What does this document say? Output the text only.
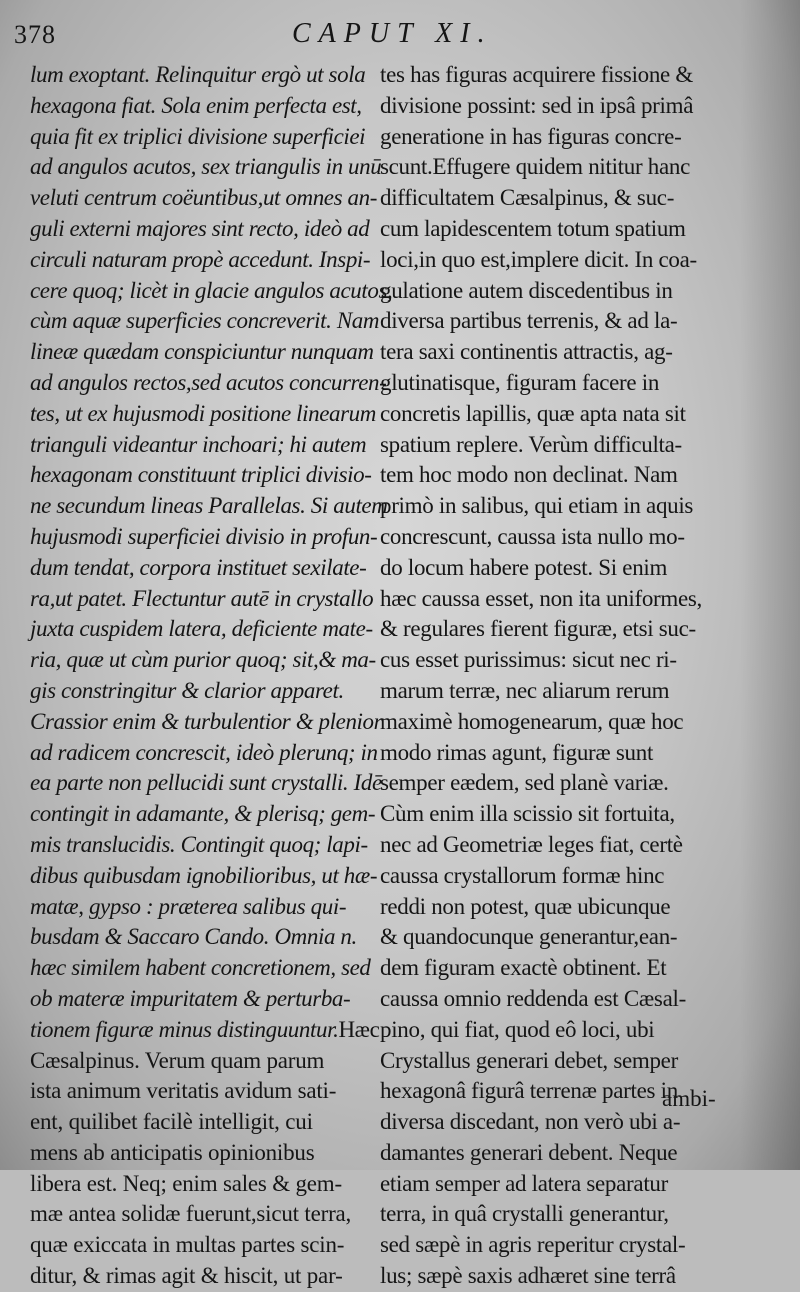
378	CAPUT XI.
lum exoptant. Relinquitur ergò ut sola
hexagona fiat. Sola enim perfecta est,
quia fit ex triplici divisione superficiei
ad angulos acutos, sex triangulis in unū
veluti centrum coëuntibus,ut omnes an-
guli externi majores sint recto, ideò ad
circuli naturam propè accedunt. Inspi-
cere quoq; licèt in glacie angulos acutos,
cùm aquæ superficies concreverit. Nam
lineæ quædam conspiciuntur nunquam
ad angulos rectos,sed acutos concurren-
tes, ut ex hujusmodi positione linearum
trianguli videantur inchoari; hi autem
hexagonam constituunt triplici divisio-
ne secundum lineas Parallelas. Si autem
hujusmodi superficiei divisio in profun-
dum tendat, corpora instituet sexilate-
ra,ut patet. Flectuntur autē in crystallo
juxta cuspidem latera, deficiente mate-
ria, quæ ut cùm purior quoq; sit,& ma-
gis constringitur & clarior apparet.
Crassior enim & turbulentior & plenior
ad radicem concrescit, ideò plerunq; in
ea parte non pellucidi sunt crystalli. Idē
contingit in adamante, & plerisq; gem-
mis translucidis. Contingit quoq; lapi-
dibus quibusdam ignobilioribus, ut hæ-
matæ, gypso : præterea salibus qui-
busdam & Saccaro Cando. Omnia n.
hæc similem habent concretionem, sed
ob materæ impuritatem & perturba-
tionem figuræ minus distinguuntur.Hæc
Cæsalpinus. Verum quam parum
ista animum veritatis avidum sati-
ent, quilibet facilè intelligit, cui
mens ab anticipatis opinionibus
libera est. Neq; enim sales & gem-
mæ antea solidæ fuerunt,sicut terra,
quæ exiccata in multas partes scin-
ditur, & rimas agit & hiscit, ut par-
tes has figuras acquirere fissione &
divisione possint: sed in ipsâ primâ
generatione in has figuras concre-
scunt.Effugere quidem nititur hanc
difficultatem Cæsalpinus, & suc-
cum lapidescentem totum spatium
loci,in quo est,implere dicit. In coa-
gulatione autem discedentibus in
diversa partibus terrenis, & ad la-
tera saxi continentis attractis, ag-
glutinatisque, figuram facere in
concretis lapillis, quæ apta nata sit
spatium replere. Verùm difficulta-
tem hoc modo non declinat. Nam
primò in salibus, qui etiam in aquis
concrescunt, caussa ista nullo mo-
do locum habere potest. Si enim
hæc caussa esset, non ita uniformes,
& regulares fierent figuræ, etsi suc-
cus esset purissimus: sicut nec ri-
marum terræ, nec aliarum rerum
maximè homogenearum, quæ hoc
modo rimas agunt, figuræ sunt
semper eædem, sed planè variæ.
Cùm enim illa scissio sit fortuita,
nec ad Geometriæ leges fiat, certè
caussa crystallorum formæ hinc
reddi non potest, quæ ubicunque
& quandocunque generantur,ean-
dem figuram exactè obtinent. Et
caussa omnio reddenda est Cæsal-
pino, qui fiat, quod eô loci, ubi
Crystallus generari debet, semper
hexagonâ figurâ terrenæ partes in
diversa discedant, non verò ubi a-
damantes generari debent. Neque
etiam semper ad latera separatur
terra, in quâ crystalli generantur,
sed sæpè in agris reperitur crystal-
lus; sæpè saxis adhæret sine terrâ
ambi-
